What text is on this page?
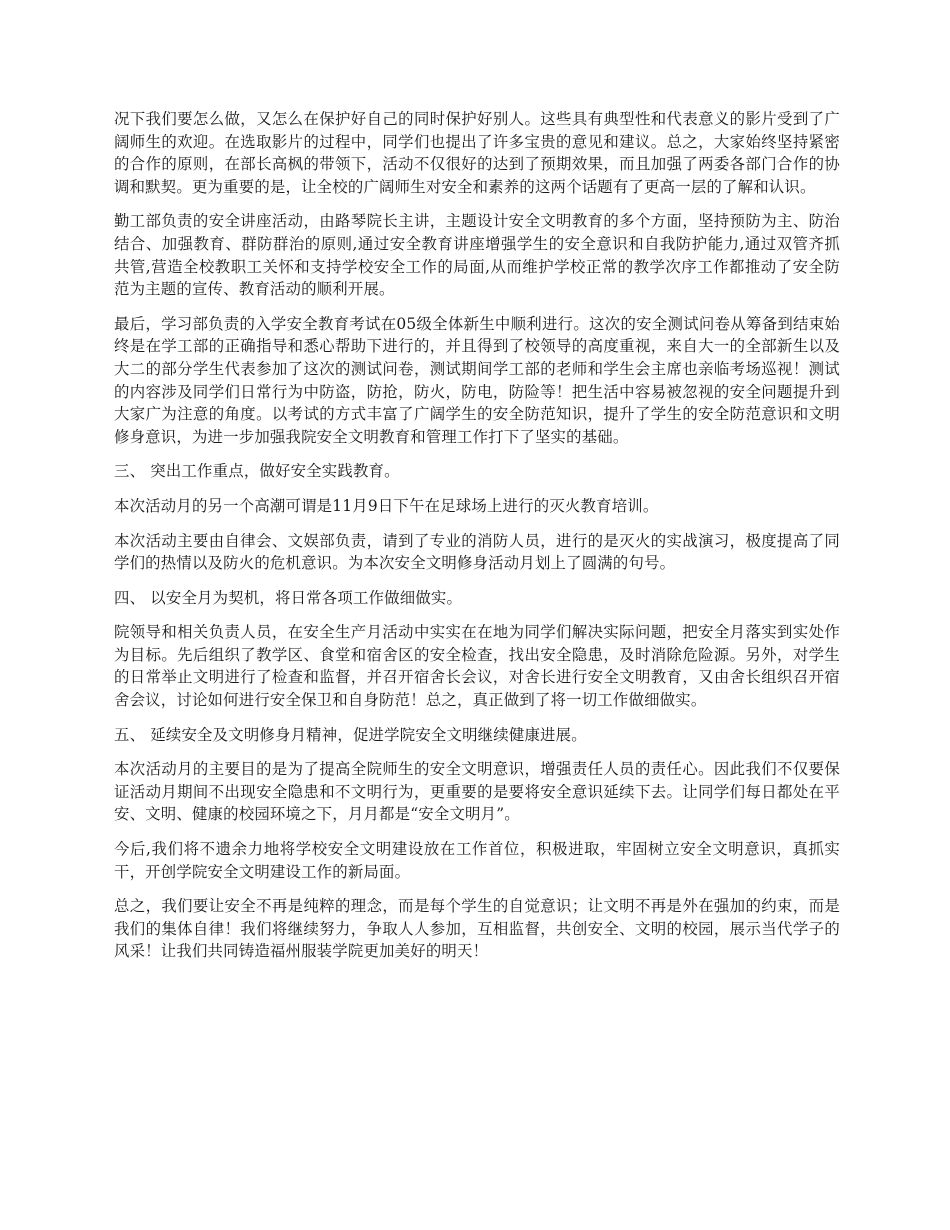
况下我们要怎么做，又怎么在保护好自己的同时保护好别人。这些具有典型性和代表意义的影片受到了广阔师生的欢迎。在选取影片的过程中，同学们也提出了许多宝贵的意见和建议。总之，大家始终坚持紧密的合作的原则，在部长高枫的带领下，活动不仅很好的达到了预期效果，而且加强了两委各部门合作的协调和默契。更为重要的是，让全校的广阔师生对安全和素养的这两个话题有了更高一层的了解和认识。

勤工部负责的安全讲座活动，由路琴院长主讲，主题设计安全文明教育的多个方面，坚持预防为主、防治结合、加强教育、群防群治的原则,通过安全教育讲座增强学生的安全意识和自我防护能力,通过双管齐抓共管,营造全校教职工关怀和支持学校安全工作的局面,从而维护学校正常的教学次序工作都推动了安全防范为主题的宣传、教育活动的顺利开展。

最后，学习部负责的入学安全教育考试在05级全体新生中顺利进行。这次的安全测试问卷从筹备到结束始终是在学工部的正确指导和悉心帮助下进行的，并且得到了校领导的高度重视，来自大一的全部新生以及大二的部分学生代表参加了这次的测试问卷，测试期间学工部的老师和学生会主席也亲临考场巡视！测试的内容涉及同学们日常行为中防盗，防抢，防火，防电，防险等！把生活中容易被忽视的安全问题提升到大家广为注意的角度。以考试的方式丰富了广阔学生的安全防范知识，提升了学生的安全防范意识和文明修身意识，为进一步加强我院安全文明教育和管理工作打下了坚实的基础。

三、 突出工作重点，做好安全实践教育。

本次活动月的另一个高潮可谓是11月9日下午在足球场上进行的灭火教育培训。

本次活动主要由自律会、文娱部负责，请到了专业的消防人员，进行的是灭火的实战演习，极度提高了同学们的热情以及防火的危机意识。为本次安全文明修身活动月划上了圆满的句号。

四、 以安全月为契机，将日常各项工作做细做实。

院领导和相关负责人员，在安全生产月活动中实实在在地为同学们解决实际问题，把安全月落实到实处作为目标。先后组织了教学区、食堂和宿舍区的安全检查，找出安全隐患，及时消除危险源。另外，对学生的日常举止文明进行了检查和监督，并召开宿舍长会议，对舍长进行安全文明教育，又由舍长组织召开宿舍会议，讨论如何进行安全保卫和自身防范！总之，真正做到了将一切工作做细做实。

五、 延续安全及文明修身月精神，促进学院安全文明继续健康进展。

本次活动月的主要目的是为了提高全院师生的安全文明意识，增强责任人员的责任心。因此我们不仅要保证活动月期间不出现安全隐患和不文明行为，更重要的是要将安全意识延续下去。让同学们每日都处在平安、文明、健康的校园环境之下，月月都是“安全文明月”。

今后,我们将不遗余力地将学校安全文明建设放在工作首位，积极进取，牢固树立安全文明意识，真抓实干，开创学院安全文明建设工作的新局面。

总之，我们要让安全不再是纯粹的理念，而是每个学生的自觉意识；让文明不再是外在强加的约束，而是我们的集体自律！我们将继续努力，争取人人参加，互相监督，共创安全、文明的校园，展示当代学子的风采！让我们共同铸造福州服装学院更加美好的明天！
